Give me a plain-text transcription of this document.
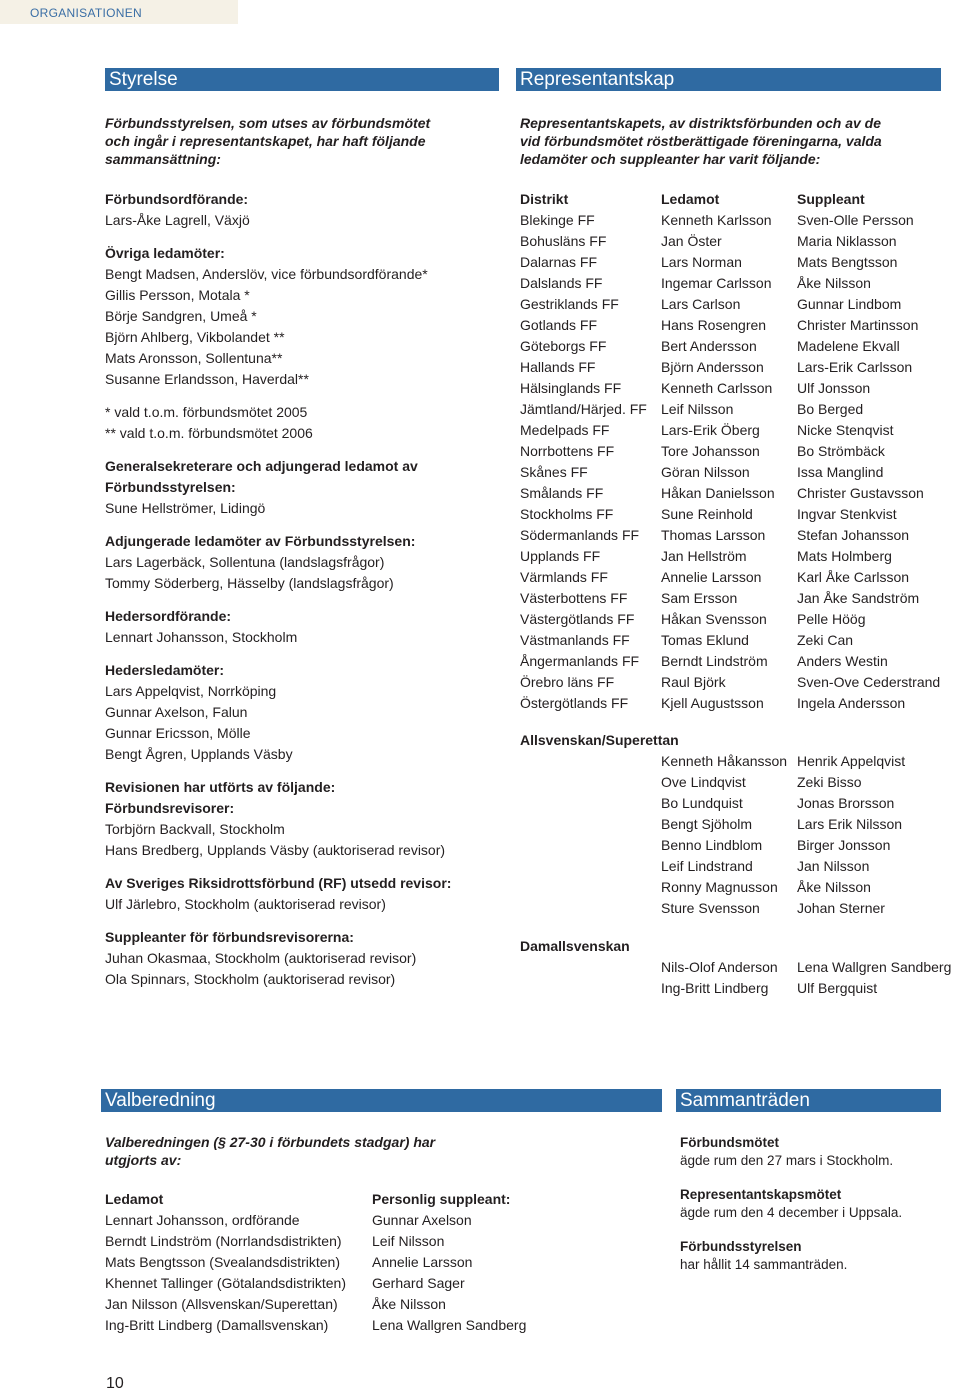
ORGANISATIONEN
Styrelse
Förbundsstyrelsen, som utses av förbundsmötet
och ingår i representantskapet, har haft följande
sammansättning:
Förbundsordförande:
Lars-Åke Lagrell, Växjö
Övriga ledamöter:
Bengt Madsen, Anderslöv, vice förbundsordförande*
Gillis Persson, Motala *
Börje Sandgren, Umeå *
Björn Ahlberg, Vikbolandet **
Mats Aronsson, Sollentuna**
Susanne Erlandsson, Haverdal**
* vald t.o.m. förbundsmötet 2005
** vald t.o.m. förbundsmötet 2006
Generalsekreterare och adjungerad ledamot av
Förbundsstyrelsen:
Sune Hellströmer, Lidingö
Adjungerade ledamöter av Förbundsstyrelsen:
Lars Lagerbäck, Sollentuna (landslagsfrågor)
Tommy Söderberg, Hässelby (landslagsfrågor)
Hedersordförande:
Lennart Johansson, Stockholm
Hedersledamöter:
Lars Appelqvist, Norrköping
Gunnar Axelson, Falun
Gunnar Ericsson, Mölle
Bengt Ågren, Upplands Väsby
Revisionen har utförts av följande:
Förbundsrevisorer:
Torbjörn Backvall, Stockholm
Hans Bredberg, Upplands Väsby (auktoriserad revisor)
Av Sveriges Riksidrottsförbund (RF) utsedd revisor:
Ulf Järlebro, Stockholm (auktoriserad revisor)
Suppleanter för förbundsrevisorerna:
Juhan Okasmaa, Stockholm (auktoriserad revisor)
Ola Spinnars, Stockholm (auktoriserad revisor)
Representantskap
Representantskapets, av distriktsförbunden och av de
vid förbundsmötet röstberättigade föreningarna, valda
ledamöter och suppleanter har varit följande:
Distrikt
Blekinge FF
Bohusläns FF
Dalarnas FF
Dalslands FF
Gestriklands FF
Gotlands FF
Göteborgs FF
Hallands FF
Hälsinglands FF
Jämtland/Härjed. FF
Medelpads FF
Norrbottens FF
Skånes FF
Smålands FF
Stockholms FF
Södermanlands FF
Upplands FF
Värmlands FF
Västerbottens FF
Västergötlands FF
Västmanlands FF
Ångermanlands FF
Örebro läns FF
Östergötlands FF
Ledamot
Kenneth Karlsson
Jan Öster
Lars Norman
Ingemar Carlsson
Lars Carlson
Hans Rosengren
Bert Andersson
Björn Andersson
Kenneth Carlsson
Leif Nilsson
Lars-Erik Öberg
Tore Johansson
Göran Nilsson
Håkan Danielsson
Sune Reinhold
Thomas Larsson
Jan Hellström
Annelie Larsson
Sam Ersson
Håkan Svensson
Tomas Eklund
Berndt Lindström
Raul Björk
Kjell Augustsson
Suppleant
Sven-Olle Persson
Maria Niklasson
Mats Bengtsson
Åke Nilsson
Gunnar Lindbom
Christer Martinsson
Madelene Ekvall
Lars-Erik Carlsson
Ulf Jonsson
Bo Berged
Nicke Stenqvist
Bo Strömbäck
Issa Manglind
Christer Gustavsson
Ingvar Stenkvist
Stefan Johansson
Mats Holmberg
Karl Åke Carlsson
Jan Åke Sandström
Pelle Höög
Zeki Can
Anders Westin
Sven-Ove Cederstrand
Ingela Andersson
Allsvenskan/Superettan
Kenneth Håkansson
Ove Lindqvist
Bo Lundquist
Bengt Sjöholm
Benno Lindblom
Leif Lindstrand
Ronny Magnusson
Sture Svensson
Henrik Appelqvist
Zeki Bisso
Jonas Brorsson
Lars Erik Nilsson
Birger Jonsson
Jan Nilsson
Åke Nilsson
Johan Sterner
Damallsvenskan
Nils-Olof Anderson
Ing-Britt Lindberg
Lena Wallgren Sandberg
Ulf Bergquist
Valberedning
Valberedningen (§ 27-30 i förbundets stadgar) har
utgjorts av:
Ledamot
Lennart Johansson, ordförande
Berndt Lindström (Norrlandsdistrikten)
Mats Bengtsson (Svealandsdistrikten)
Khennet Tallinger (Götalandsdistrikten)
Jan Nilsson (Allsvenskan/Superettan)
Ing-Britt Lindberg (Damallsvenskan)
Personlig suppleant:
Gunnar Axelson
Leif Nilsson
Annelie Larsson
Gerhard Sager
Åke Nilsson
Lena Wallgren Sandberg
Sammanträden
Förbundsmötet
ägde rum den 27 mars i Stockholm.
Representantskapsmötet
ägde rum den 4 december i Uppsala.
Förbundsstyrelsen
har hållit 14 sammanträden.
10
